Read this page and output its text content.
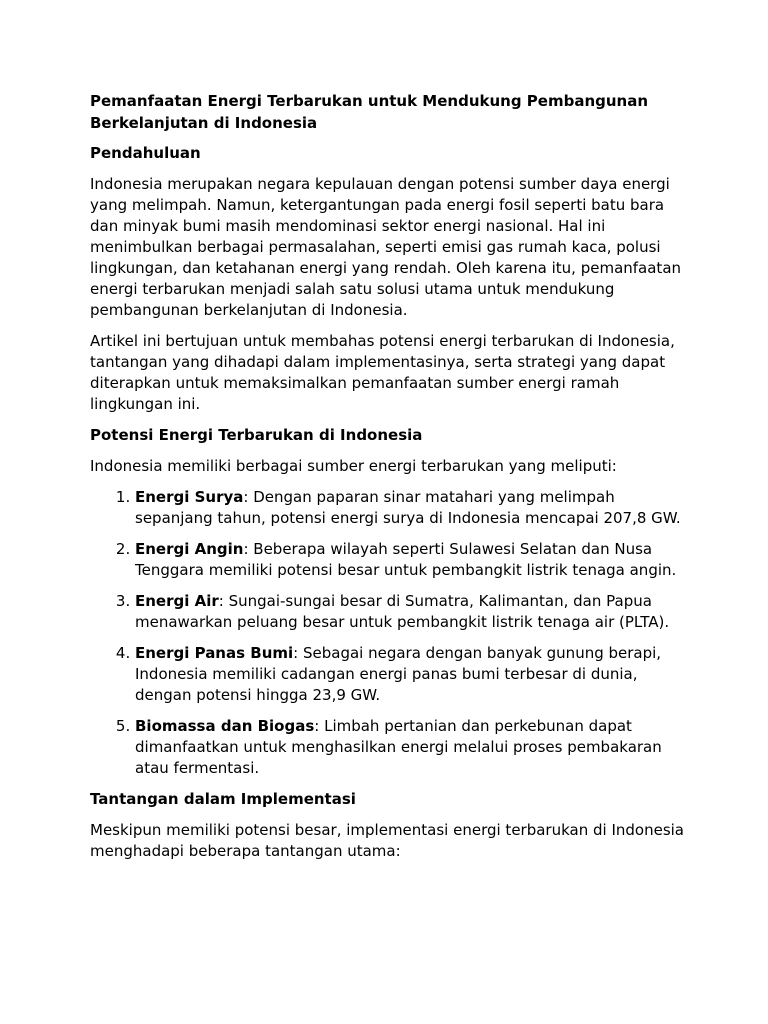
Pemanfaatan Energi Terbarukan untuk Mendukung Pembangunan Berkelanjutan di Indonesia
Pendahuluan

Indonesia merupakan negara kepulauan dengan potensi sumber daya energi yang melimpah. Namun, ketergantungan pada energi fosil seperti batu bara dan minyak bumi masih mendominasi sektor energi nasional. Hal ini menimbulkan berbagai permasalahan, seperti emisi gas rumah kaca, polusi lingkungan, dan ketahanan energi yang rendah. Oleh karena itu, pemanfaatan energi terbarukan menjadi salah satu solusi utama untuk mendukung pembangunan berkelanjutan di Indonesia.

Artikel ini bertujuan untuk membahas potensi energi terbarukan di Indonesia, tantangan yang dihadapi dalam implementasinya, serta strategi yang dapat diterapkan untuk memaksimalkan pemanfaatan sumber energi ramah lingkungan ini.

Potensi Energi Terbarukan di Indonesia

Indonesia memiliki berbagai sumber energi terbarukan yang meliputi:

1. Energi Surya: Dengan paparan sinar matahari yang melimpah sepanjang tahun, potensi energi surya di Indonesia mencapai 207,8 GW.
2. Energi Angin: Beberapa wilayah seperti Sulawesi Selatan dan Nusa Tenggara memiliki potensi besar untuk pembangkit listrik tenaga angin.
3. Energi Air: Sungai-sungai besar di Sumatra, Kalimantan, dan Papua menawarkan peluang besar untuk pembangkit listrik tenaga air (PLTA).
4. Energi Panas Bumi: Sebagai negara dengan banyak gunung berapi, Indonesia memiliki cadangan energi panas bumi terbesar di dunia, dengan potensi hingga 23,9 GW.
5. Biomassa dan Biogas: Limbah pertanian dan perkebunan dapat dimanfaatkan untuk menghasilkan energi melalui proses pembakaran atau fermentasi.
Tantangan dalam Implementasi

Meskipun memiliki potensi besar, implementasi energi terbarukan di Indonesia menghadapi beberapa tantangan utama:
